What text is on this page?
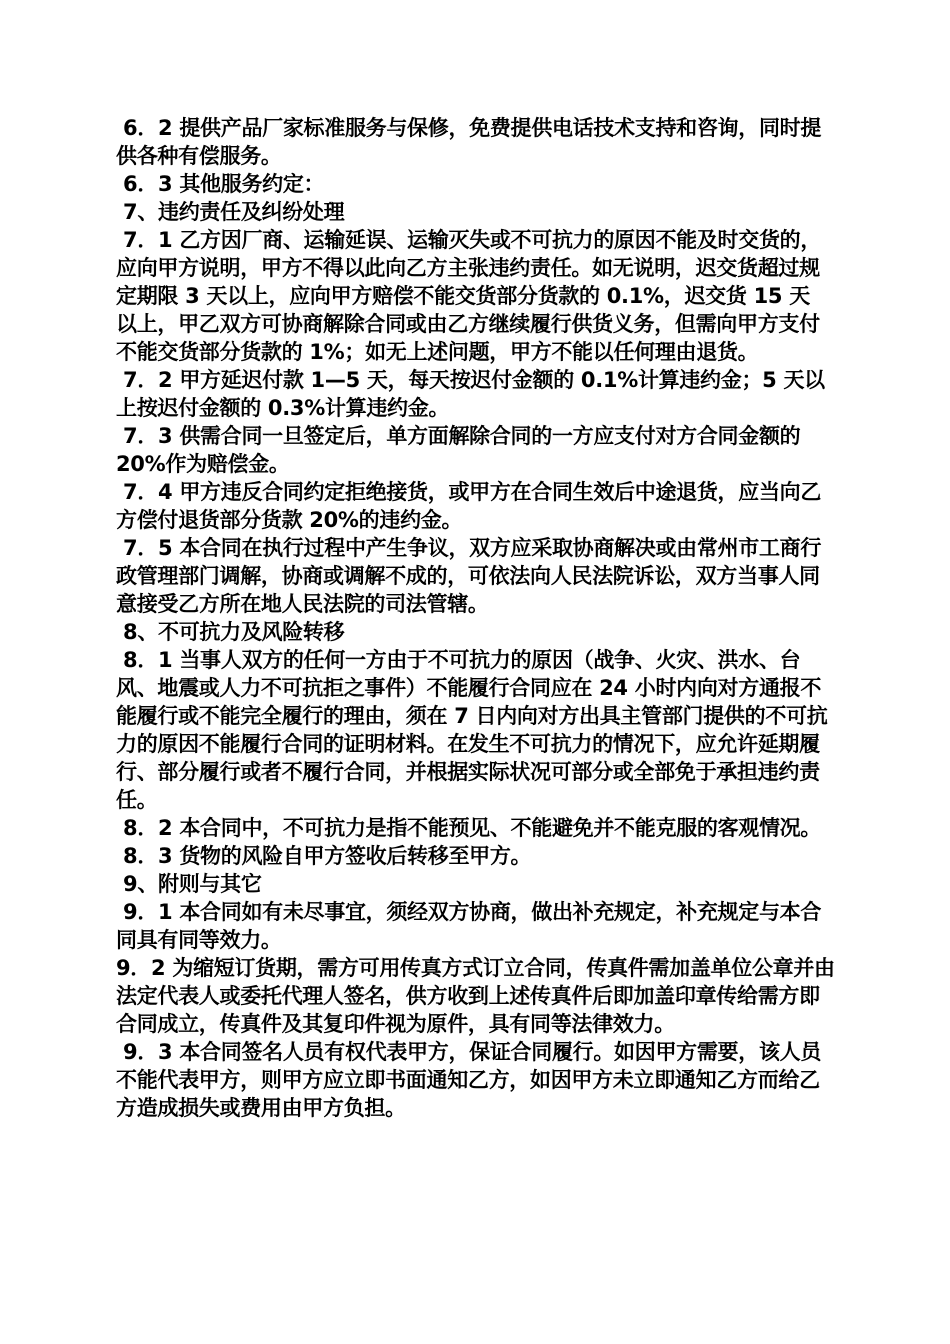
6．2 提供产品厂家标准服务与保修，免费提供电话技术支持和咨询，同时提供各种有偿服务。

6．3 其他服务约定：

7、违约责任及纠纷处理

7．1 乙方因厂商、运输延误、运输灭失或不可抗力的原因不能及时交货的，应向甲方说明，甲方不得以此向乙方主张违约责任。如无说明，迟交货超过规定期限 3 天以上，应向甲方赔偿不能交货部分货款的 0.1%，迟交货 15 天

以上，甲乙双方可协商解除合同或由乙方继续履行供货义务，但需向甲方支付不能交货部分货款的 1%；如无上述问题，甲方不能以任何理由退货。

7．2 甲方延迟付款 1—5 天，每天按迟付金额的 0.1%计算违约金；5 天以上按迟付金额的 0.3%计算违约金。

7．3 供需合同一旦签定后，单方面解除合同的一方应支付对方合同金额的 20%作为赔偿金。

7．4 甲方违反合同约定拒绝接货，或甲方在合同生效后中途退货，应当向乙方偿付退货部分货款 20%的违约金。

7．5 本合同在执行过程中产生争议，双方应采取协商解决或由常州市工商行政管理部门调解，协商或调解不成的，可依法向人民法院诉讼，双方当事人同意接受乙方所在地人民法院的司法管辖。

8、不可抗力及风险转移

8．1 当事人双方的任何一方由于不可抗力的原因（战争、火灾、洪水、台风、地震或人力不可抗拒之事件）不能履行合同应在 24 小时内向对方通报不能履行或不能完全履行的理由，须在 7 日内向对方出具主管部门提供的不可抗力的原因不能履行合同的证明材料。在发生不可抗力的情况下，应允许延期履行、部分履行或者不履行合同，并根据实际状况可部分或全部免于承担违约责任。

8．2 本合同中，不可抗力是指不能预见、不能避免并不能克服的客观情况。

8．3 货物的风险自甲方签收后转移至甲方。

9、附则与其它

9．1 本合同如有未尽事宜，须经双方协商，做出补充规定，补充规定与本合同具有同等效力。

9．2 为缩短订货期，需方可用传真方式订立合同，传真件需加盖单位公章并由法定代表人或委托代理人签名，供方收到上述传真件后即加盖印章传给需方即合同成立，传真件及其复印件视为原件，具有同等法律效力。

9．3 本合同签名人员有权代表甲方，保证合同履行。如因甲方需要，该人员不能代表甲方，则甲方应立即书面通知乙方，如因甲方未立即通知乙方而给乙方造成损失或费用由甲方负担。
